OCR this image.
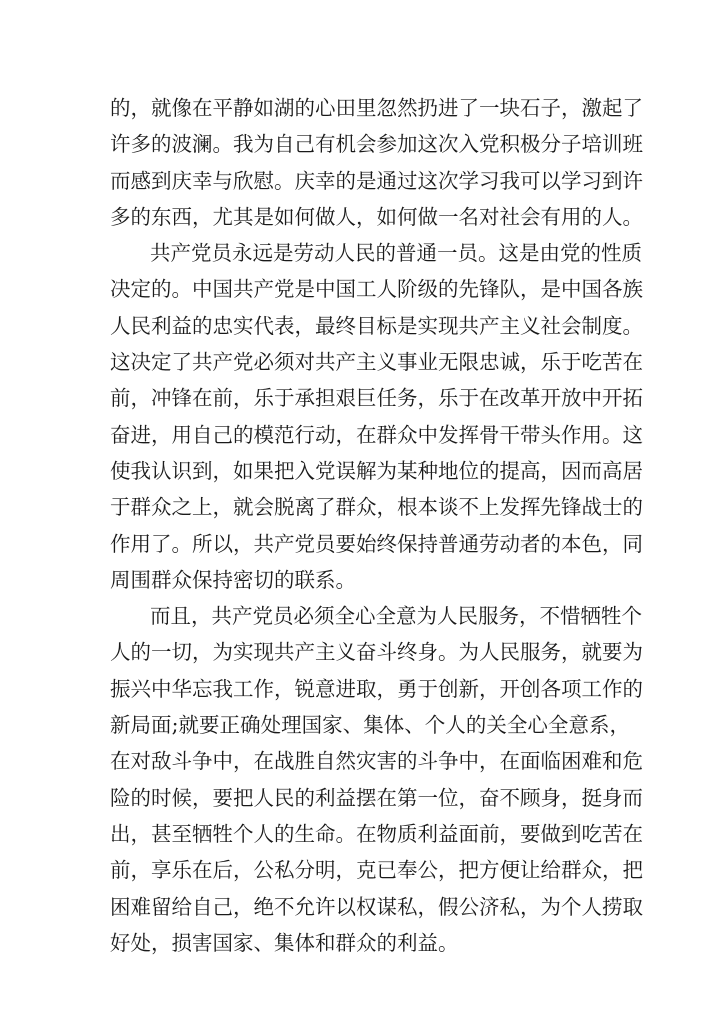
的，就像在平静如湖的心田里忽然扔进了一块石子，激起了
许多的波澜。我为自己有机会参加这次入党积极分子培训班
而感到庆幸与欣慰。庆幸的是通过这次学习我可以学习到许
多的东西，尤其是如何做人，如何做一名对社会有用的人。
共产党员永远是劳动人民的普通一员。这是由党的性质
决定的。中国共产党是中国工人阶级的先锋队，是中国各族
人民利益的忠实代表，最终目标是实现共产主义社会制度。
这决定了共产党必须对共产主义事业无限忠诚，乐于吃苦在
前，冲锋在前，乐于承担艰巨任务，乐于在改革开放中开拓
奋进，用自己的模范行动，在群众中发挥骨干带头作用。这
使我认识到，如果把入党误解为某种地位的提高，因而高居
于群众之上，就会脱离了群众，根本谈不上发挥先锋战士的
作用了。所以，共产党员要始终保持普通劳动者的本色，同
周围群众保持密切的联系。
而且，共产党员必须全心全意为人民服务，不惜牺牲个
人的一切，为实现共产主义奋斗终身。为人民服务，就要为
振兴中华忘我工作，锐意进取，勇于创新，开创各项工作的
新局面;就要正确处理国家、集体、个人的关全心全意系，
在对敌斗争中，在战胜自然灾害的斗争中，在面临困难和危
险的时候，要把人民的利益摆在第一位，奋不顾身，挺身而
出，甚至牺牲个人的生命。在物质利益面前，要做到吃苦在
前，享乐在后，公私分明，克已奉公，把方便让给群众，把
困难留给自己，绝不允许以权谋私，假公济私，为个人捞取
好处，损害国家、集体和群众的利益。
